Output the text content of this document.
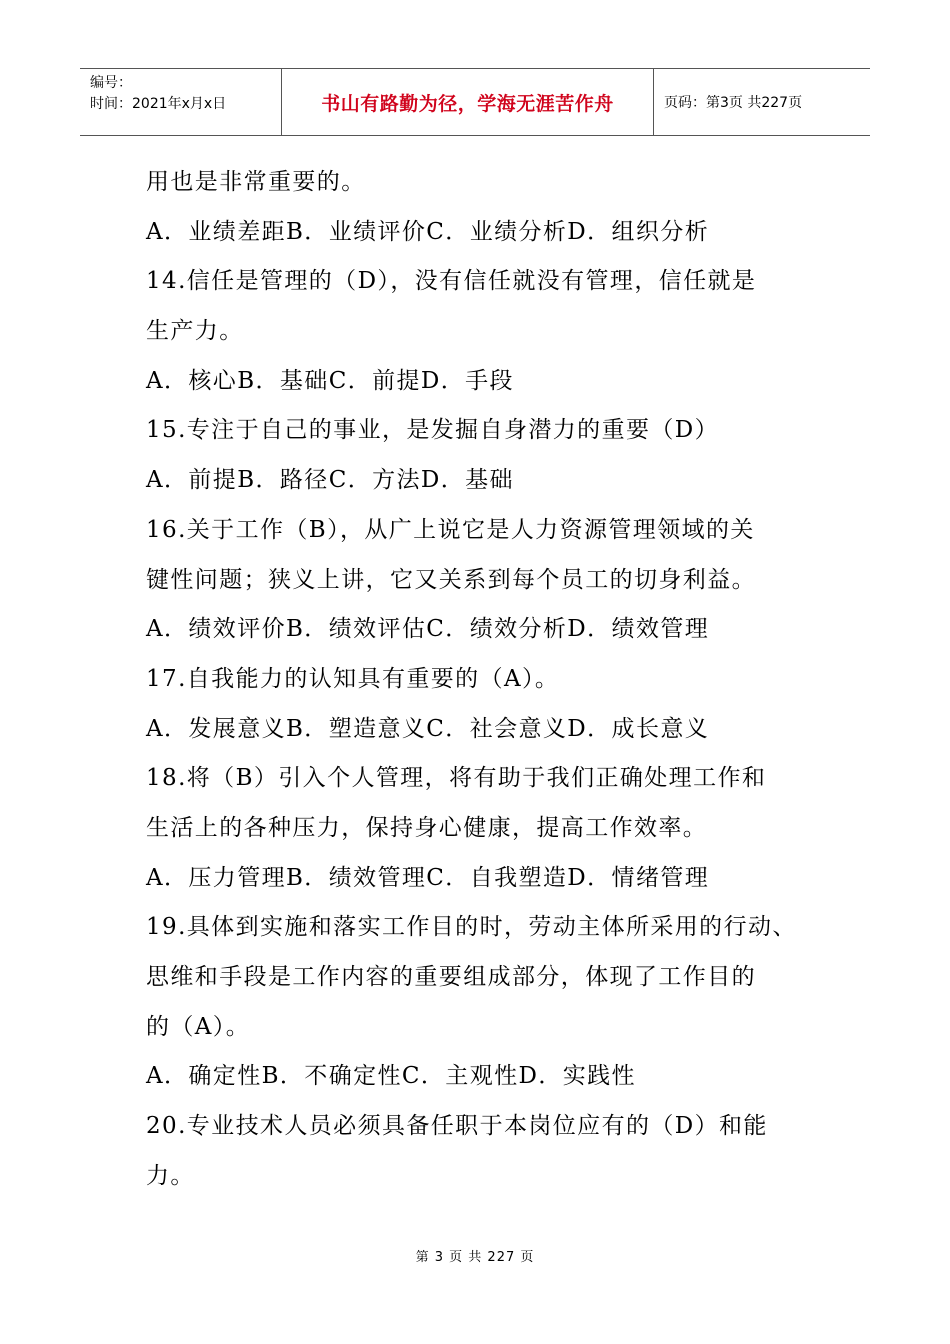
编号：
时间：2021年x月x日	书山有路勤为径，学海无涯苦作舟	页码：第3页 共227页
用也是非常重要的。
A．业绩差距B．业绩评价C．业绩分析D．组织分析
14.信任是管理的（D），没有信任就没有管理，信任就是
生产力。
A．核心B．基础C．前提D．手段
15.专注于自己的事业，是发掘自身潜力的重要（D）
A．前提B．路径C．方法D．基础
16.关于工作（B），从广上说它是人力资源管理领域的关
键性问题；狭义上讲，它又关系到每个员工的切身利益。
A．绩效评价B．绩效评估C．绩效分析D．绩效管理
17.自我能力的认知具有重要的（A）。
A．发展意义B．塑造意义C．社会意义D．成长意义
18.将（B）引入个人管理，将有助于我们正确处理工作和
生活上的各种压力，保持身心健康，提高工作效率。
A．压力管理B．绩效管理C．自我塑造D．情绪管理
19.具体到实施和落实工作目的时，劳动主体所采用的行动、
思维和手段是工作内容的重要组成部分，体现了工作目的
的（A）。
A．确定性B．不确定性C．主观性D．实践性
20.专业技术人员必须具备任职于本岗位应有的（D）和能
力。
第 3 页 共 227 页
